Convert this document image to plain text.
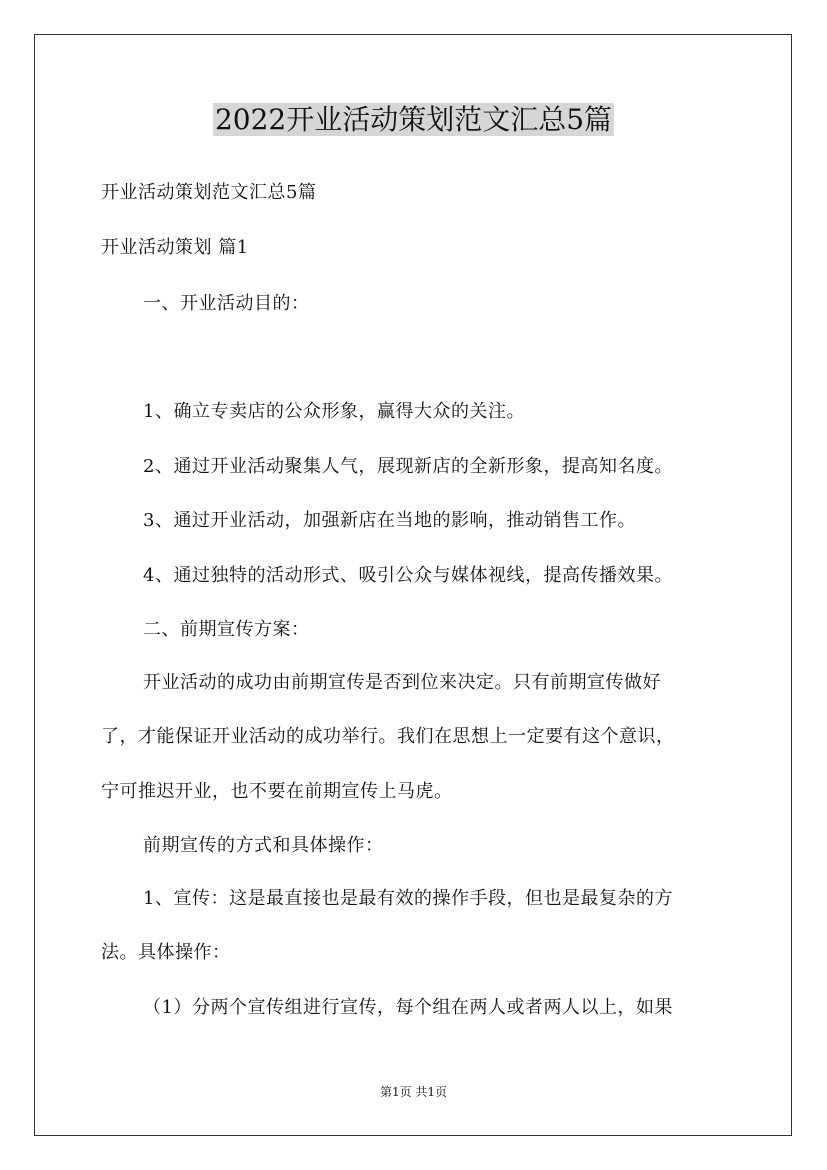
2022开业活动策划范文汇总5篇

开业活动策划范文汇总5篇

开业活动策划 篇1

一、开业活动目的：

1、确立专卖店的公众形象，赢得大众的关注。

2、通过开业活动聚集人气，展现新店的全新形象，提高知名度。

3、通过开业活动，加强新店在当地的影响，推动销售工作。

4、通过独特的活动形式、吸引公众与媒体视线，提高传播效果。

二、前期宣传方案：

开业活动的成功由前期宣传是否到位来决定。只有前期宣传做好

了，才能保证开业活动的成功举行。我们在思想上一定要有这个意识，

宁可推迟开业，也不要在前期宣传上马虎。

前期宣传的方式和具体操作：

1、宣传：这是最直接也是最有效的操作手段，但也是最复杂的方

法。具体操作：

（1）分两个宣传组进行宣传，每个组在两人或者两人以上，如果

第1页 共1页
